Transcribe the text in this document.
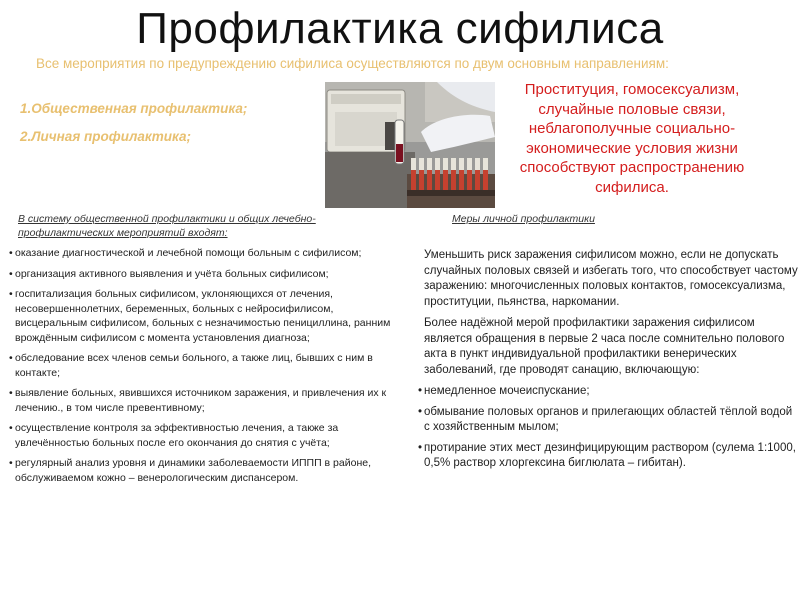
Профилактика сифилиса
Все мероприятия по предупреждению сифилиса осуществляются по двум основным направлениям:
1.Общественная профилактика;
2.Личная профилактика;
Проституция, гомосексуализм, случайные половые связи, неблагополучные социально-экономические условия жизни способствуют распространению сифилиса.
В систему общественной профилактики и общих лечебно-профилактических мероприятий входят:
Меры личной профилактики
• оказание диагностической и лечебной помощи больным с сифилисом;
• организация активного выявления и учёта больных сифилисом;
• госпитализация больных сифилисом, уклоняющихся от лечения, несовершеннолетних, беременных, больных с нейросифилисом, висцеральным сифилисом, больных с незначимостью пенициллина, ранним врождённым сифилисом с момента установления диагноза;
• обследование всех членов семьи больного, а также лиц, бывших с ним в контакте;
• выявление больных, явившихся источником заражения, и привлечения их к лечению., в том числе превентивному;
• осуществление контроля за эффективностью лечения, а также за увлечённостью больных после его окончания до снятия с учёта;
• регулярный анализ уровня и динамики заболеваемости ИППП в районе, обслуживаемом кожно – венерологическим диспансером.

Уменьшить риск заражения сифилисом можно, если не допускать случайных половых связей и избегать того, что способствует частому заражению: многочисленных половых контактов, гомосексуализма, проституции, пьянства, наркомании.

Более надёжной мерой профилактики заражения сифилисом является обращения в первые 2 часа после сомнительно полового акта в пункт индивидуальной профилактики венерических заболеваний, где проводят санацию, включающую:

• немедленное мочеиспускание;
• обмывание половых органов и прилегающих областей тёплой водой с хозяйственным мылом;
• протирание этих мест дезинфицирующим раствором (сулема 1:1000, 0,5% раствор хлоргексина биглюлата – гибитан).
